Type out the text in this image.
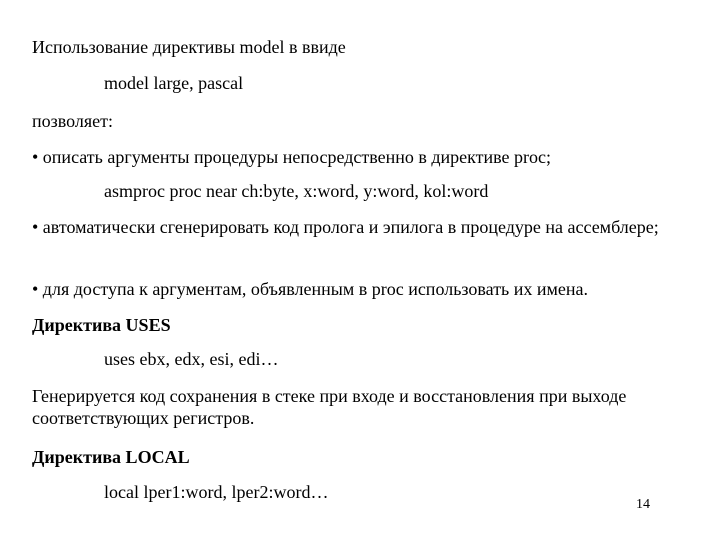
Использование директивы model в ввиде
model large, pascal
позволяет:
• описать аргументы процедуры непосредственно в директиве proc;
asmproc proc near ch:byte, x:word, y:word, kol:word
• автоматически сгенерировать код пролога и эпилога в процедуре на ассемблере;
• для доступа к аргументам, объявленным в proc использовать их имена.
Директива USES
uses ebx, edx, esi, edi…
Генерируется код сохранения в стеке при входе и восстановления при выходе соответствующих регистров.
Директива LOCAL
local lper1:word, lper2:word…
14
